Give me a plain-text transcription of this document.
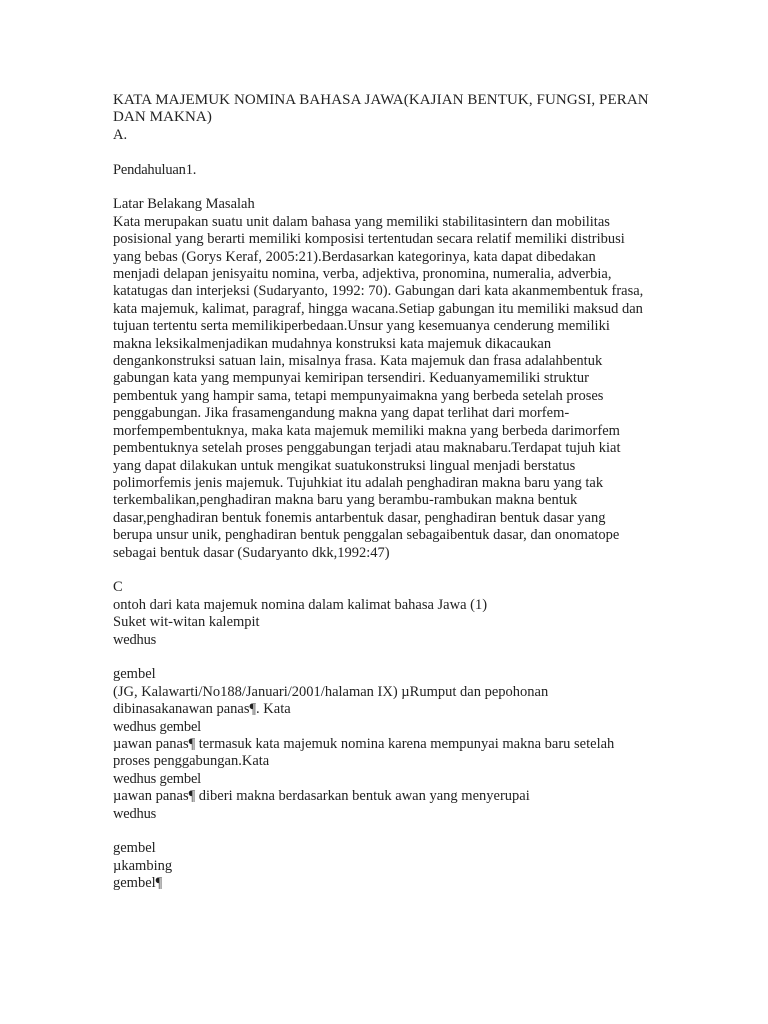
KATA MAJEMUK NOMINA BAHASA JAWA(KAJIAN BENTUK, FUNGSI, PERAN
DAN MAKNA)
A.
Pendahuluan1.
Latar Belakang Masalah
Kata merupakan suatu unit dalam bahasa yang memiliki stabilitasintern dan mobilitas
posisional yang berarti memiliki komposisi tertentudan secara relatif memiliki distribusi
yang bebas (Gorys Keraf, 2005:21).Berdasarkan kategorinya, kata dapat dibedakan
menjadi delapan jenisyaitu nomina, verba, adjektiva, pronomina, numeralia, adverbia,
katatugas dan interjeksi (Sudaryanto, 1992: 70). Gabungan dari kata akanmembentuk frasa,
kata majemuk, kalimat, paragraf, hingga wacana.Setiap gabungan itu memiliki maksud dan
tujuan tertentu serta memilikiperbedaan.Unsur yang kesemuanya cenderung memiliki
makna leksikalmenjadikan mudahnya konstruksi kata majemuk dikacaukan
dengankonstruksi satuan lain, misalnya frasa. Kata majemuk dan frasa adalahbentuk
gabungan kata yang mempunyai kemiripan tersendiri. Keduanyamemiliki struktur
pembentuk yang hampir sama, tetapi mempunyaimakna yang berbeda setelah proses
penggabungan. Jika frasamengandung makna yang dapat terlihat dari morfem-
morfempembentuknya, maka kata majemuk memiliki makna yang berbeda darimorfem
pembentuknya setelah proses penggabungan terjadi atau maknabaru.Terdapat tujuh kiat
yang dapat dilakukan untuk mengikat suatukonstruksi lingual menjadi berstatus
polimorfemis jenis majemuk. Tujuhkiat itu adalah penghadiran makna baru yang tak
terkembalikan,penghadiran makna baru yang berambu-rambukan makna bentuk
dasar,penghadiran bentuk fonemis antarbentuk dasar, penghadiran bentuk dasar yang
berupa unsur unik, penghadiran bentuk penggalan sebagaibentuk dasar, dan onomatope
sebagai bentuk dasar (Sudaryanto dkk,1992:47)
C
ontoh dari kata majemuk nomina dalam kalimat bahasa Jawa (1)
Suket wit-witan kalempit
wedhus
gembel
(JG, Kalawarti/No188/Januari/2001/halaman IX) µRumput dan pepohonan
dibinasakanawan panas¶. Kata
wedhus gembel
µawan panas¶ termasuk kata majemuk nomina karena mempunyai makna baru setelah
proses penggabungan.Kata
wedhus gembel
µawan panas¶ diberi makna berdasarkan bentuk awan yang menyerupai
wedhus
gembel
µkambing
gembel¶
